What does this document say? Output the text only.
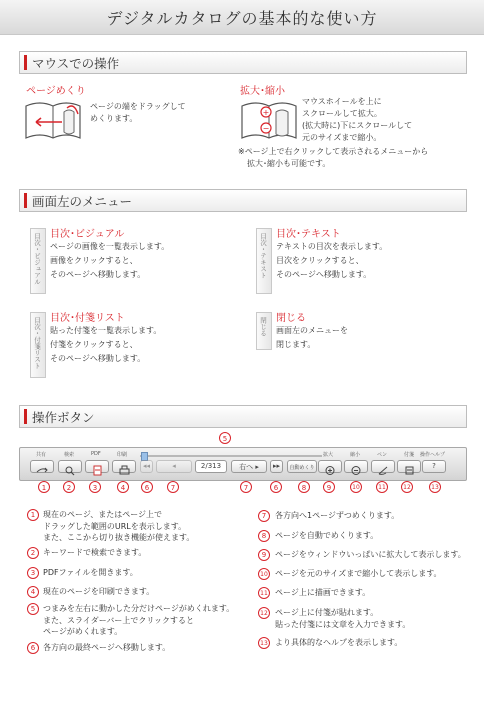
デジタルカタログの基本的な使い方
マウスでの操作
ページめくり
ページの端をドラッグして
めくります。
拡大･縮小
+
−
マウスホイールを上に
スクロールして拡大。
(拡大時に)下にスクロールして
元のサイズまで縮小。
※ページ上で右クリックして表示されるメニューから
拡大･縮小も可能です。
画面左のメニュー
目次・ビジュアル 目次･ビジュアル
ページの画像を一覧表示します。
画像をクリックすると、
そのページへ移動します。	目次・テキスト 目次･テキスト
テキストの目次を表示します。
目次をクリックすると、
そのページへ移動します。
目次・付箋リスト 目次･付箋リスト
貼った付箋を一覧表示します。
付箋をクリックすると、
そのページへ移動します。
閉じる 閉じる
画面左のメニューを
閉じます。
操作ボタン
5
共有	検索	PDF	印刷	拡大	縮小	ペン	付箋 操作ヘルプ
◂◂	◂	2/313	右へ ▸	▸▸	自動めくり	?
1	2	3	4	6	7	7	6	8	9	10	11	12	13
1 現在のページ、またはページ上で
ドラッグした範囲のURLを表示します。
また、ここから切り抜き機能が使えます。
2 キーワードで検索できます。
3 PDFファイルを開きます。
4 現在のページを印刷できます。
5 つまみを左右に動かした分だけページがめくれます。
また、スライダーバー上でクリックすると
ページがめくれます。
6 各方向の最終ページへ移動します。
7	各方向へ1ページずつめくります。
8	ページを自動でめくります。
9	ページをウィンドウいっぱいに拡大して表示します。
10 ページを元のサイズまで縮小して表示します。
11 ページ上に描画できます。
12 ページ上に付箋が貼れます。
貼った付箋には文章を入力できます。
13 より具体的なヘルプを表示します。
